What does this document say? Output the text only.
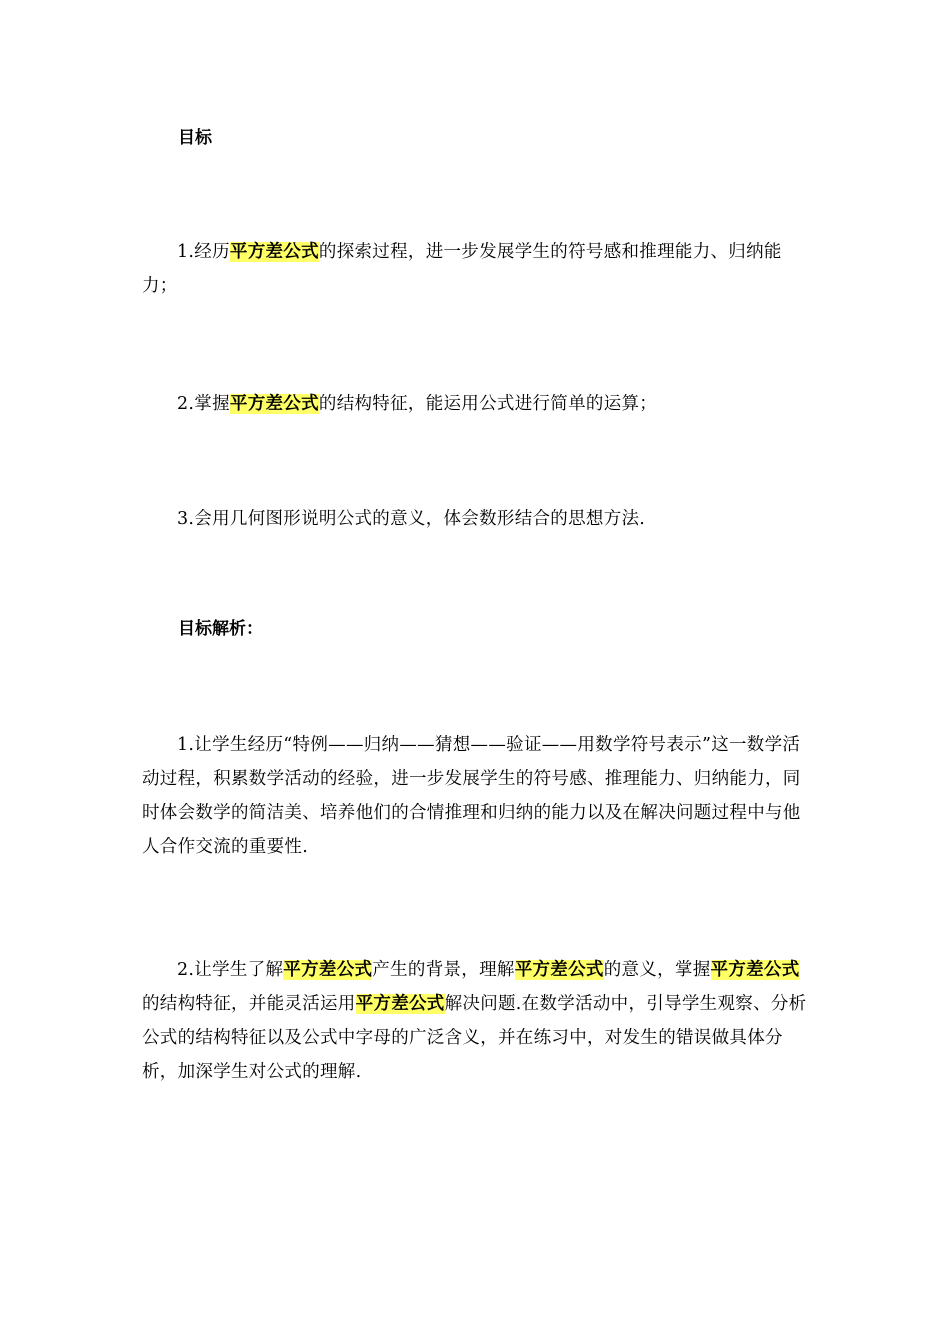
目标
1.经历平方差公式的探索过程，进一步发展学生的符号感和推理能力、归纳能力；
2.掌握平方差公式的结构特征，能运用公式进行简单的运算；
3.会用几何图形说明公式的意义，体会数形结合的思想方法.
目标解析：
1.让学生经历“特例——归纳——猜想——验证——用数学符号表示”这一数学活动过程，积累数学活动的经验，进一步发展学生的符号感、推理能力、归纳能力，同时体会数学的简洁美、培养他们的合情推理和归纳的能力以及在解决问题过程中与他人合作交流的重要性.
2.让学生了解平方差公式产生的背景，理解平方差公式的意义，掌握平方差公式的结构特征，并能灵活运用平方差公式解决问题.在数学活动中，引导学生观察、分析公式的结构特征以及公式中字母的广泛含义，并在练习中，对发生的错误做具体分析，加深学生对公式的理解.
